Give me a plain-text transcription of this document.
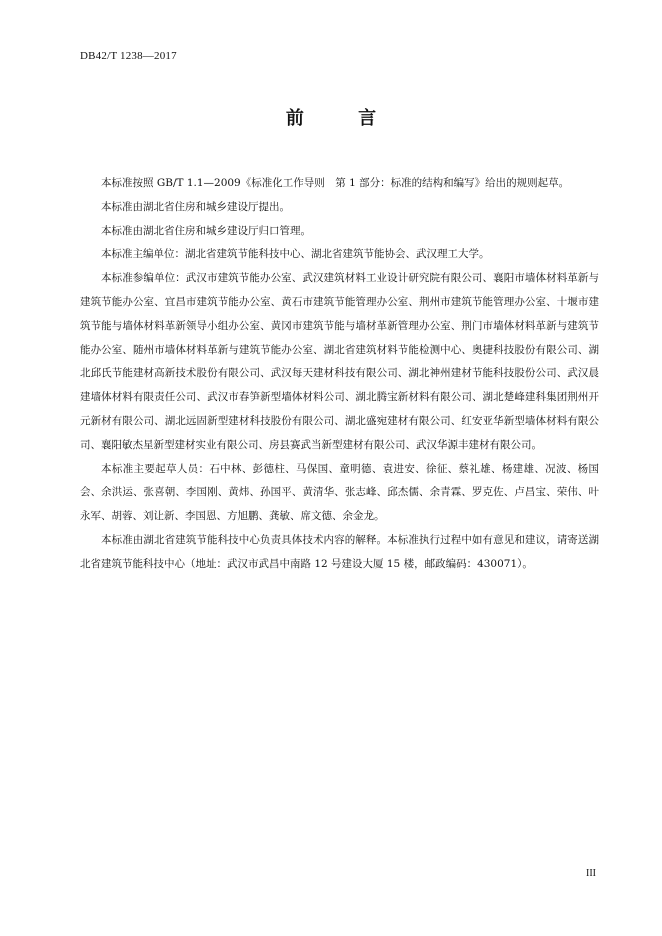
DB42/T 1238—2017
前 言

本标准按照 GB/T 1.1—2009《标准化工作导则　第 1 部分：标准的结构和编写》给出的规则起草。

本标准由湖北省住房和城乡建设厅提出。

本标准由湖北省住房和城乡建设厅归口管理。

本标准主编单位：湖北省建筑节能科技中心、湖北省建筑节能协会、武汉理工大学。

本标准参编单位：武汉市建筑节能办公室、武汉建筑材料工业设计研究院有限公司、襄阳市墙体材料革新与建筑节能办公室、宜昌市建筑节能办公室、黄石市建筑节能管理办公室、荆州市建筑节能管理办公室、十堰市建筑节能与墙体材料革新领导小组办公室、黄冈市建筑节能与墙材革新管理办公室、荆门市墙体材料革新与建筑节能办公室、随州市墙体材料革新与建筑节能办公室、湖北省建筑材料节能检测中心、奥捷科技股份有限公司、湖北邱氏节能建材高新技术股份有限公司、武汉每天建材科技有限公司、湖北神州建材节能科技股份公司、武汉晨建墙体材料有限责任公司、武汉市春笋新型墙体材料公司、湖北腾宝新材料有限公司、湖北楚峰建科集团荆州开元新材有限公司、湖北远固新型建材科技股份有限公司、湖北盛宛建材有限公司、红安亚华新型墙体材料有限公司、襄阳敏杰星新型建材实业有限公司、房县赛武当新型建材有限公司、武汉华源丰建材有限公司。

本标准主要起草人员：石中林、彭德柱、马保国、童明德、袁进安、徐征、蔡礼雄、杨建雄、况波、杨国会、余洪运、张喜朝、李国刚、黄炜、孙国平、黄清华、张志峰、邱杰儒、余青霖、罗克佐、卢昌宝、荣伟、叶永军、胡蓉、刘让新、李国恩、方旭鹏、龚敏、席文德、余金龙。

本标准由湖北省建筑节能科技中心负责具体技术内容的解释。本标准执行过程中如有意见和建议，请寄送湖北省建筑节能科技中心（地址：武汉市武昌中南路 12 号建设大厦 15 楼，邮政编码：430071）。

III
